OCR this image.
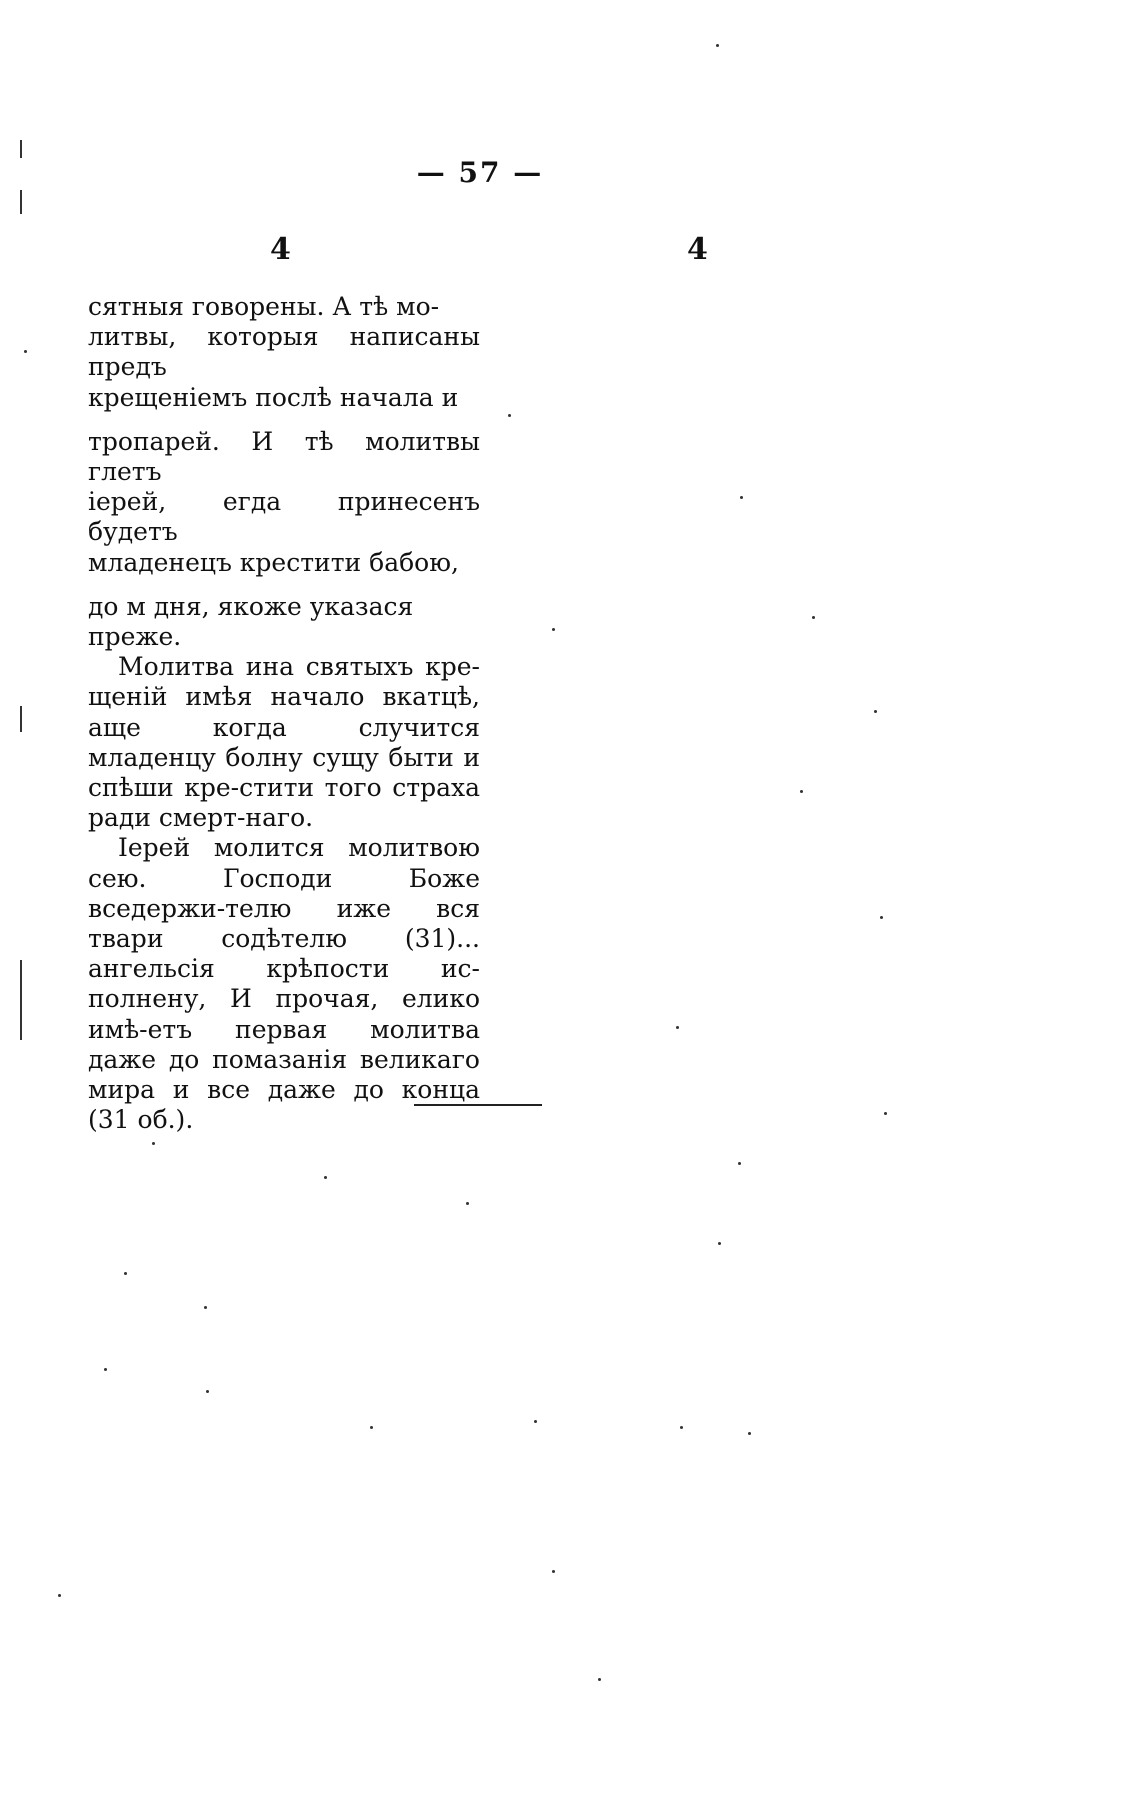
— 57 —
4	4

сятныя говорены. А тѣ мо-

литвы, которыя написаны предъ

крещеніемъ послѣ начала и

тропарей. И тѣ молитвы глетъ

іерей, егда принесенъ будетъ

младенецъ крестити бабою,

до м дня, якоже указася

преже.

Молитва ина святыхъ кре-щеній имѣя начало вкатцѣ, аще когда случится младенцу болну сущу быти и спѣши кре-стити того страха ради смерт-наго.

Іерей молится молитвою сею. Господи Боже вседержи-телю иже вся твари содѣтелю (31)... ангельсія крѣпости ис-полнену, И прочая, елико имѣ-етъ первая молитва даже до помазанія великаго мира и все даже до конца (31 об.).
